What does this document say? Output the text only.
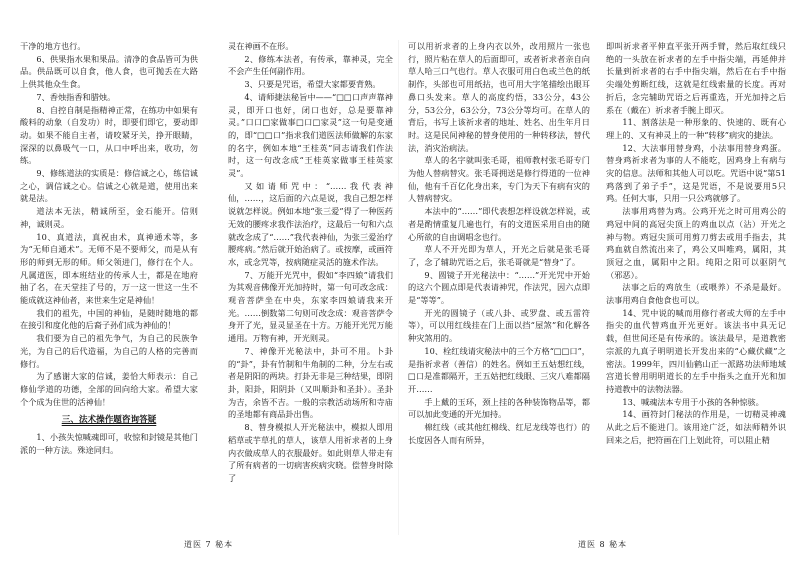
干净的地方也行。

6、供果指水果和果品。清净的食品皆可为供品。供品既可以自食，他人食，也可抛丢在大路上供其他众生食。

7、香烛指香和腊烛。

8、自控自制是指精神正常，在练功中如果有酸料的动象（自发功）时，即要们即它，要动即动。如果不能自主者，请咬紧牙关，挣开眼睛，深深的以鼻吸气一口，从口中呼出来，收功，勿练。

9、修练道法的实质是：修信诚之心，练信诚之心，调信诚之心。信诚之心就是道，使用出来就是法。

道法本无法，精诚所至，金石能开。信则神，诚则灵。

10、真道法，真祝由术，真神通术等，多为“无师自通术”。无师不是不要师父，而是从有形的师到无形的师。师父领进门，修行在个人。凡属道医，即本班结业的传承人士，都是在地府抽了名，在天堂挂了号的，万一这一世这一生不能成就这神仙者，来世来生定是神仙！

我们的祖先，中国的神仙，是随时随地的都在接引和度化他的后裔子孙们成为神仙的！

我们要为自己的祖先争气，为自己的民族争光，为自己的后代造福，为自己的人格的完善而修行。

为了感谢大家的信诚，姜恰大师表示：自己修仙学道的功德，全部的回向给大家。希望大家个个成为住世的活神仙！

三、法术操作题咨询答疑

1、小孩失惊喊魂即可，收惊和封镜是其他门派的一种方法。殊途同归。

灵在神画不在形。

2、修练本法者，有传承，靠神灵，完全不会产生任何副作用。

3、只要是咒语，希望大家都要背熟。

4、请师捷法秘旨中——“□□口声声靠神灵，即开口也好，闭口也好，总是要靠神灵。”口口□家做事□口□家灵”这一句是变通的，即“□□口”指求我们道医法师做解的东家的名字，例如本地“王桂英”同志请我们作法时，这一句改念成“王桂英家做事王桂英家灵”。

又如请师咒中：“……我代表神仙，……，这后面的六点是说，我自己想怎样说就怎样说。例如本地“张三爱”得了一种医药无效的腰疼求我作法治疗，这最后一句和六点就改念成了“……”我代表神仙，为张三爱治疗腰疼病。”然后就开始治病了。或按摩，或画符水，或念咒等，按病随症灵活的施术作法。

7、万能开光咒中，假如“李四娘”请我们为其观音佛像开光加持时，第一句可改念成：观音菩萨坐在中央，东家李四娘请我来开光。……倒数第二句则可改念成：观音菩萨令身开了光，显灵显圣在十方。万能开光咒万能通用。万物有神，开光则灵。

7、神像开光秘法中，卦可不用。卜卦的“卦”，卦有竹制和牛角制的二种，分左右或者是阴阳的两块。打卦无非是三种结果，即阴卦，阳卦，阳阴卦（又叫顺卦和圣卦）。圣卦为吉，余皆不吉。一般的宗教活动场所和寺庙的圣地都有商品卦出售。

8、替身模拟人开光秘法中，模拟人即用稻草或芋草扎的草人，该草人用祈求者的上身内衣做成草人的衣服最好。如此则草人带走有了所有病者的一切病害疾病灾晓。偿替身时除了

可以用祈求者的上身内衣以外，改用照片一张也行，照片粘在草人的后面即可，或者祈求者亲自向草人哈三口气也行。草人衣服可用白色或兰色的纸制作，头部也可用纸拈，也可用大字笔描绘出眼耳鼻口头发来。草人的高度约悟，33公分，43公分，53公分，63公分，73公分等均可。在草人的背后，书写上该祈求者的地址、姓名、出生年月日时。这是民间神秘的替身使用的一种转移法，替代法，消灾治病法。

草人的名字就叫张毛哥，祖师教村张毛哥专门为他人替病替灾。张毛哥拥送是修行得道的一位神仙，他有千百亿化身出来，专门为天下有病有灾的人替病替灾。

本法中的“……”即代表想怎样设就怎样说，或者是酌情重复几遍也行，有的文道医采用自由的随心所欲的自由调唱念也行。

草人不开光即为草人，开光之后就是张毛哥了，念了辅助咒语之后，张毛哥就是“替身”了。

9、圆镜子开光秘法中：“……”开光咒中开始的这六个圆点即是代表请神咒，作法咒，因六点即是“等等”。

开光的圆镜子（或八卦、或罗盘、或五雷符等），可以用红线挂在门上面以挡“屋煞”和化解各种灾煞用的。

10、栓红线请灾秘法中的三个方格“□□口”，是指祈求者（善信）的姓名。例如王五姑想红线，□口是准都隔开，王五姑把红线眼、三灾八难都隔开……

手上戴的玉环，颈上挂的各种装饰物品等，都可以加此变通的开光加持。

棉红线（或其他红棉线、红尼龙线等也行）的长度因各人而有所异，

即叫祈求者平伸直平张开两手臂，然后取红线只绝的一头放在祈求者的左手中指尖端，再延伸并长量到祈求者的右手中指尖端，然后在右手中指尖端处剪断红线，这就是红线索量的长度。再对折后，念完辅助咒语之后再重选，开光加持之后系在（戴在）祈求者手腕上即灭。

11、割落法是一种形象的、快速的、既有心理上的、又有神灵上的一种“转移”病灾的捷法。

12、大法事用替身鸡，小法事用替身鸡蛋。替身鸡祈求者为事的人不能吃，因鸡身上有病与灾的信息。法师和其他人可以吃。咒语中说“第51鸡落到了弟子手”，这是咒语，不是说要用5只鸡。任何大事，只用一只公鸡就够了。

法事用鸡替为鸡。公鸡开光之时可用鸡公的鸡冠中间的高冠尖顶上的鸡血以点（沾）开光之神与物。鸡冠尖顶可用剪刀剪去或用手指去，其鸡血就自然流出来了，鸡公又叫唯鸡，属阳，其顶冠之血，属阳中之阳。纯阳之阳可以驱阴气（邪恶）。

法事之后的鸡放生（或喂养）不杀是最好。法事用鸡自食他食也可以。

14、咒中说的喊而用修行者或大师的左手中指尖的血代替鸡血开光更好。该法书中具无记载，但世间还是有传承的。该法最早，是道教密宗派的九真子明明道长开发出来的“心藏伏藏”之密法。1999年，四川仙鹤山正一派路功法师地域宫道长曾用明明道长的左手中指头之血开光和加持道教中的法物法器。

13、喊魂法本专用于小孩的各种惊骇。

14、画符封门秘法的作用是，一切精灵神魂从此之后不能进门。该用途广泛，如法师精外识回来之后，把符画在门上划此符，可以阻止精

道医 7 秘本	道医 8 秘本
